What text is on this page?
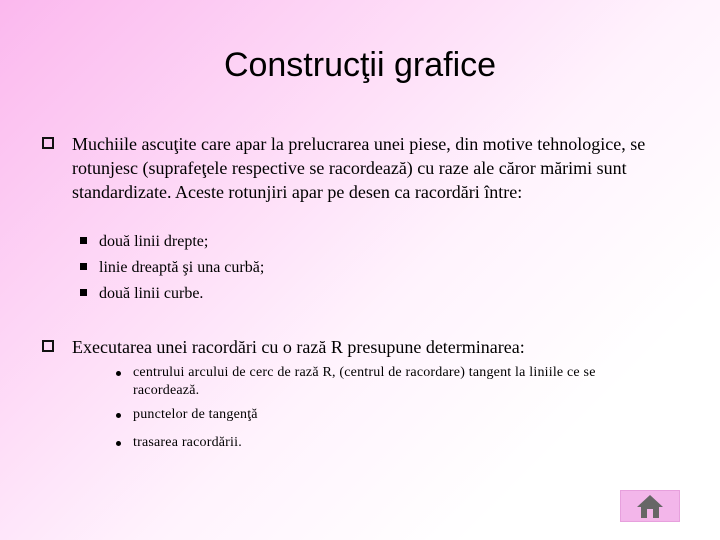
Construcţii grafice
Muchiile ascuţite care apar la prelucrarea unei piese, din motive tehnologice, se rotunjesc (suprafeţele respective se racordează) cu raze ale căror mărimi sunt standardizate. Aceste rotunjiri apar pe desen ca racordări între:
două linii drepte;
linie dreaptă şi una curbă;
două linii curbe.
Executarea unei racordări cu o rază R presupune determinarea:
centrului arcului de cerc de rază R, (centrul de racordare) tangent la liniile ce se racordează.
punctelor de tangenţă
trasarea racordării.
